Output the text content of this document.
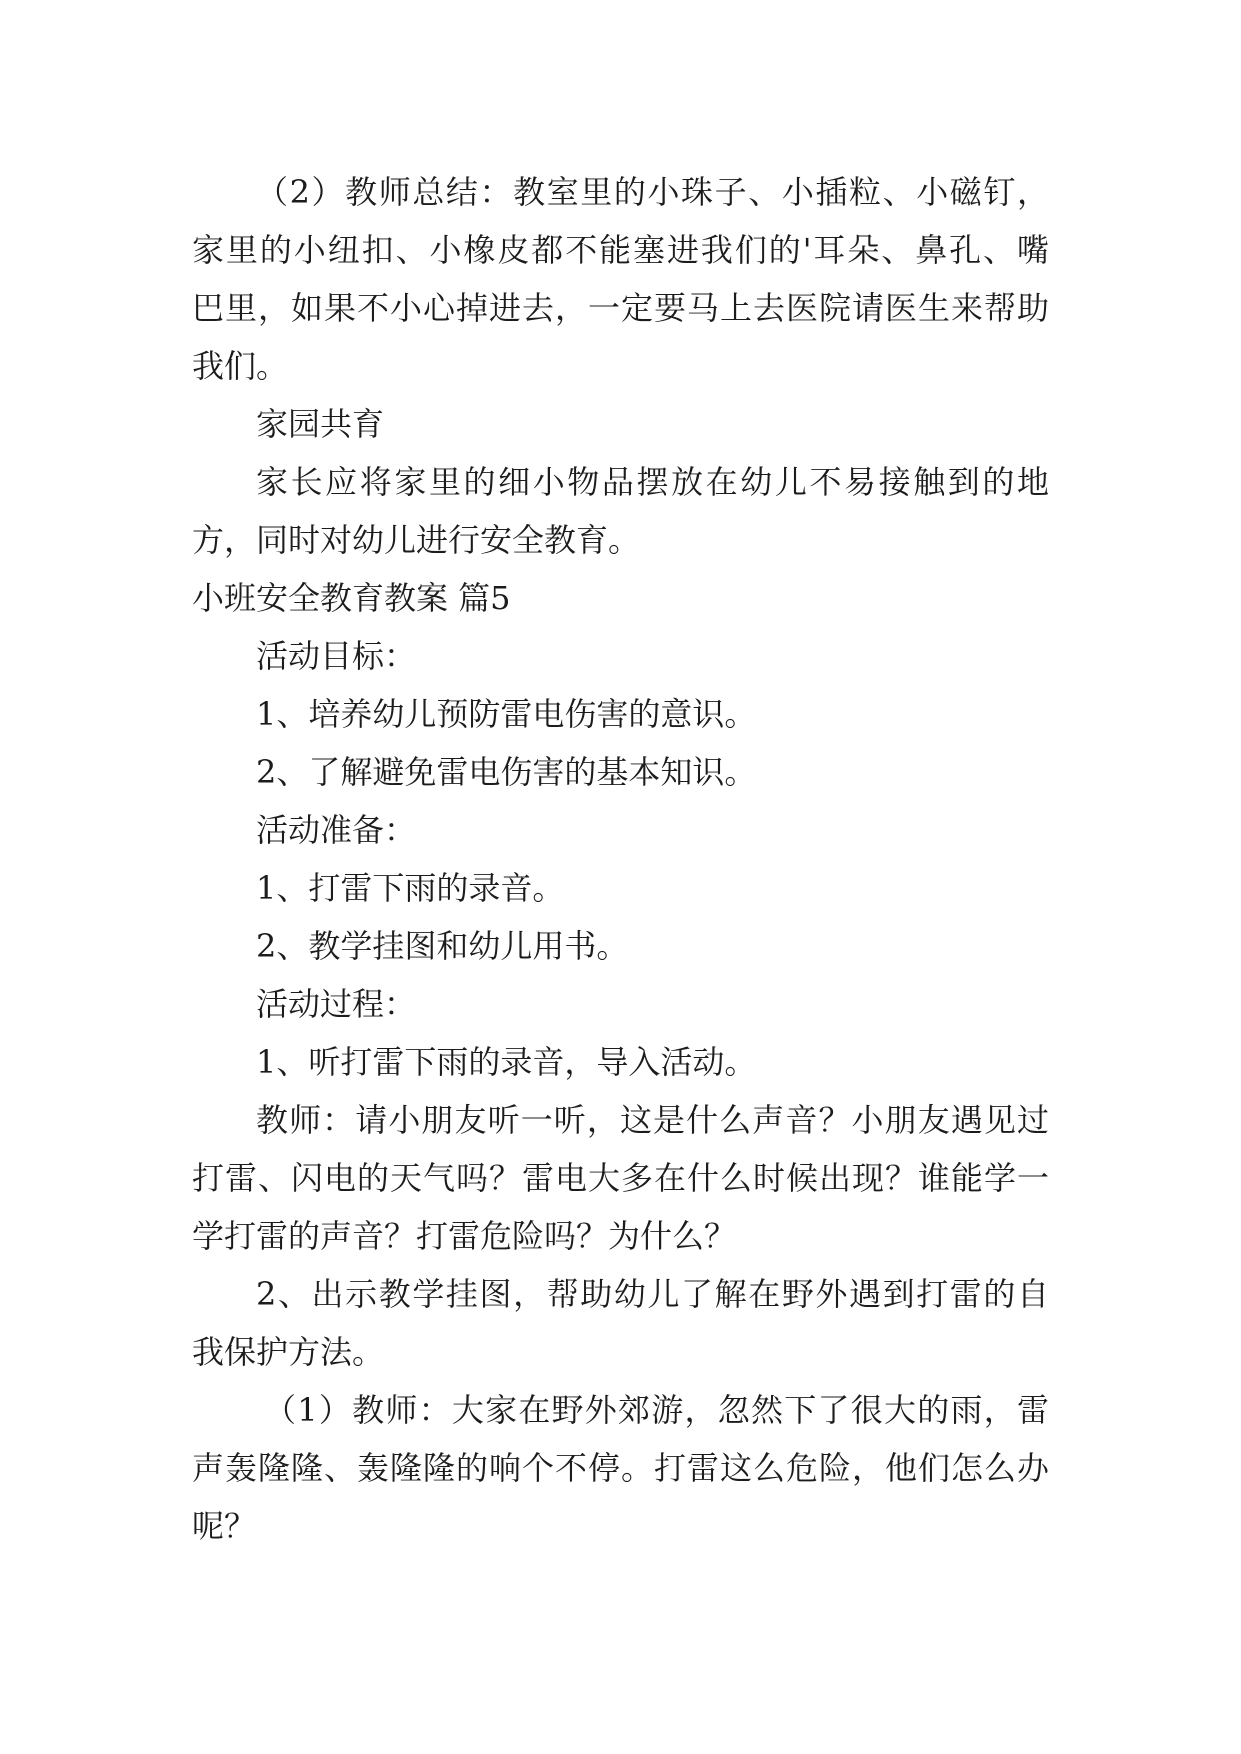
（2）教师总结：教室里的小珠子、小插粒、小磁钉，
家里的小纽扣、小橡皮都不能塞进我们的'耳朵、鼻孔、嘴
巴里，如果不小心掉进去，一定要马上去医院请医生来帮助
我们。
家园共育
家长应将家里的细小物品摆放在幼儿不易接触到的地
方，同时对幼儿进行安全教育。
小班安全教育教案 篇5
活动目标：
1、培养幼儿预防雷电伤害的意识。
2、了解避免雷电伤害的基本知识。
活动准备：
1、打雷下雨的录音。
2、教学挂图和幼儿用书。
活动过程：
1、听打雷下雨的录音，导入活动。
教师：请小朋友听一听，这是什么声音？小朋友遇见过
打雷、闪电的天气吗？雷电大多在什么时候出现？谁能学一
学打雷的声音？打雷危险吗？为什么？
2、出示教学挂图，帮助幼儿了解在野外遇到打雷的自
我保护方法。
（1）教师：大家在野外郊游，忽然下了很大的雨，雷
声轰隆隆、轰隆隆的响个不停。打雷这么危险，他们怎么办
呢？
